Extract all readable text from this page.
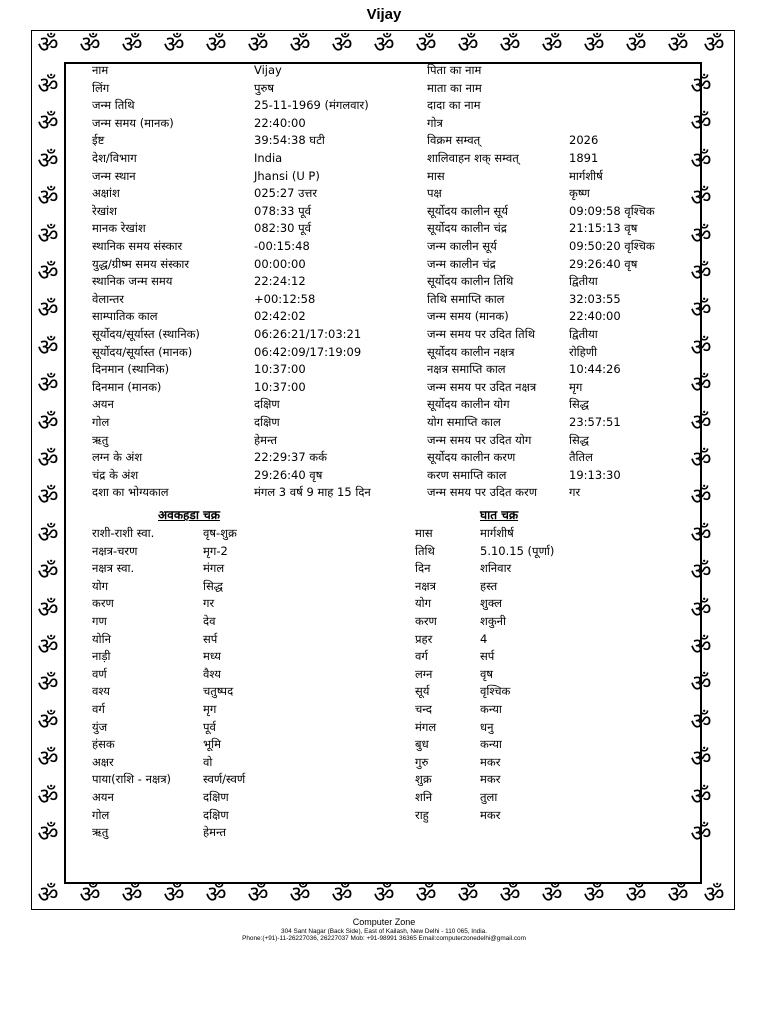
Vijay
ॐ
ॐ
ॐ
ॐ
ॐ
ॐ
ॐ
ॐ
ॐ
ॐ
ॐ
ॐ
ॐ
ॐ
ॐ
ॐ
ॐ
ॐ
ॐ
ॐ
ॐ
ॐ
ॐ
ॐ
ॐ
ॐ
ॐ
ॐ
ॐ
ॐ
ॐ
ॐ
ॐ
ॐ
ॐ	ॐ
ॐ	ॐ
ॐ	ॐ
ॐ	ॐ
ॐ	ॐ
ॐ	ॐ
ॐ	ॐ
ॐ	ॐ
ॐ	ॐ
ॐ	ॐ
ॐ	ॐ
ॐ	ॐ
ॐ	ॐ
ॐ	ॐ
ॐ	ॐ
ॐ	ॐ
ॐ	ॐ
ॐ	ॐ
ॐ	ॐ
ॐ	ॐ
ॐ	ॐ
नाम	Vijay	पिता का नाम
लिंग	पुरुष	माता का नाम
जन्म तिथि	25-11-1969 (मंगलवार)	दादा का नाम
जन्म समय (मानक)	22:40:00	गोत्र
ईष्ट	39:54:38 घटी	विक्रम सम्वत्	2026
देश/विभाग	India	शालिवाहन शक् सम्वत्	1891
जन्म स्थान	Jhansi (U P)	मास	मार्गशीर्ष
अक्षांश	025:27 उत्तर	पक्ष	कृष्ण
रेखांश	078:33 पूर्व	सूर्योदय कालीन सूर्य	09:09:58 वृश्चिक
मानक रेखांश	082:30 पूर्व	सूर्योदय कालीन चंद्र	21:15:13 वृष
स्थानिक समय संस्कार	-00:15:48	जन्म कालीन सूर्य	09:50:20 वृश्चिक
युद्ध/ग्रीष्म समय संस्कार	00:00:00	जन्म कालीन चंद्र	29:26:40 वृष
स्थानिक जन्म समय	22:24:12	सूर्योदय कालीन तिथि	द्वितीया
वेलान्तर	+00:12:58	तिथि समाप्ति काल	32:03:55
साम्पातिक काल	02:42:02	जन्म समय (मानक)	22:40:00
सूर्योदय/सूर्यास्त (स्थानिक)	06:26:21/17:03:21	जन्म समय पर उदित तिथि	द्वितीया
सूर्योदय/सूर्यास्त (मानक)	06:42:09/17:19:09	सूर्योदय कालीन नक्षत्र	रोहिणी
दिनमान (स्थानिक)	10:37:00	नक्षत्र समाप्ति काल	10:44:26
दिनमान (मानक)	10:37:00	जन्म समय पर उदित नक्षत्र	मृग
अयन	दक्षिण	सूर्योदय कालीन योग	सिद्ध
गोल	दक्षिण	योग समाप्ति काल	23:57:51
ऋतु	हेमन्त	जन्म समय पर उदित योग	सिद्ध
लग्न के अंश	22:29:37 कर्क	सूर्योदय कालीन करण	तैतिल
चंद्र के अंश	29:26:40 वृष	करण समाप्ति काल	19:13:30
दशा का भोग्यकाल	मंगल 3 वर्ष 9 माह 15 दिन	जन्म समय पर उदित करण	गर
अवकहडा चक्र	घात चक्र
राशी-राशी स्वा.	वृष-शुक्र
नक्षत्र-चरण	मृग-2
नक्षत्र स्वा.	मंगल
योग	सिद्ध
करण	गर
गण	देव
योनि	सर्प
नाड़ी	मध्य
वर्ण	वैश्य
वश्य	चतुष्पद
वर्ग	मृग
युंज	पूर्व
हंसक	भूमि
अक्षर	वो
पाया(राशि - नक्षत्र)	स्वर्ण/स्वर्ण
अयन	दक्षिण
गोल	दक्षिण
ऋतु	हेमन्त
मास	मार्गशीर्ष
तिथि	5.10.15 (पूर्णा)
दिन	शनिवार
नक्षत्र	हस्त
योग	शुक्ल
करण	शकुनी
प्रहर	4
वर्ग	सर्प
लग्न	वृष
सूर्य	वृश्चिक
चन्द	कन्या
मंगल	धनु
बुध	कन्या
गुरु	मकर
शुक्र	मकर
शनि	तुला
राहु	मकर
Computer Zone
304 Sant Nagar (Back Side), East of Kailash, New Delhi - 110 065, India.
Phone:(+91)-11-26227036, 26227037 Mob: +91-98991 36365 Email:computerzonedelhi@gmail.com
